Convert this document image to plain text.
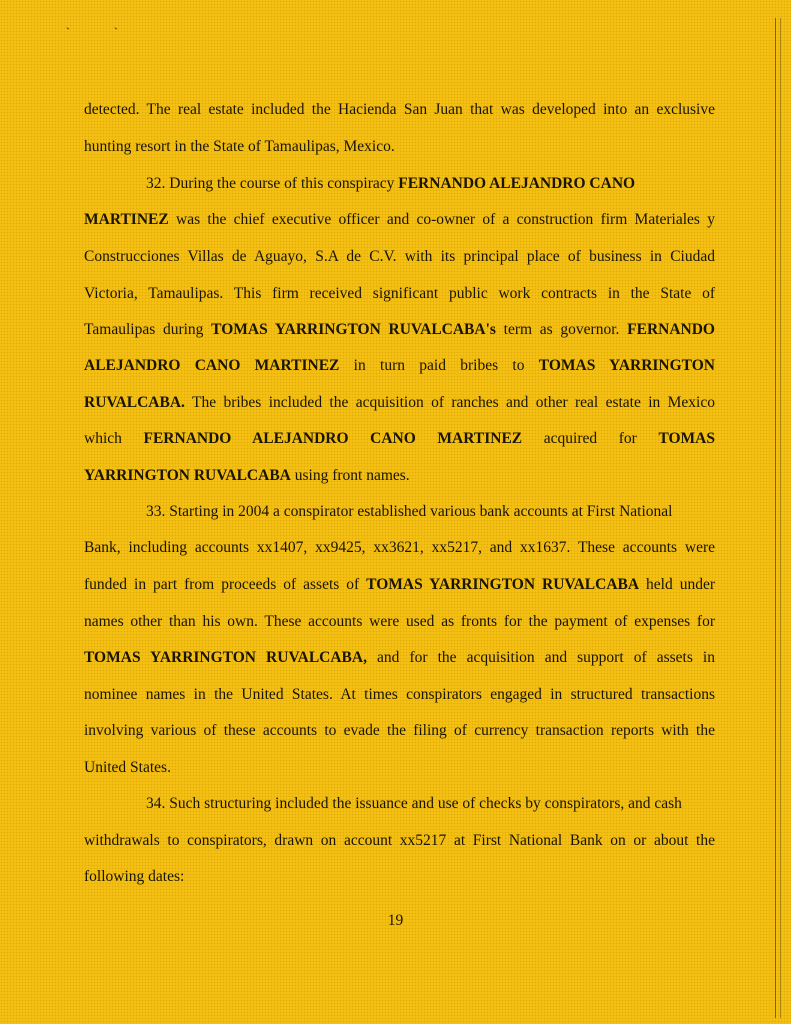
ˏ	ˏ
detected. The real estate included the Hacienda San Juan that was developed into an exclusive
hunting resort in the State of Tamaulipas, Mexico.
32. During the course of this conspiracy FERNANDO ALEJANDRO CANO
MARTINEZ was the chief executive officer and co-owner of a construction firm Materiales y
Construcciones Villas de Aguayo, S.A de C.V. with its principal place of business in Ciudad
Victoria, Tamaulipas. This firm received significant public work contracts in the State of
Tamaulipas during TOMAS YARRINGTON RUVALCABA's term as governor. FERNANDO
ALEJANDRO CANO MARTINEZ in turn paid bribes to TOMAS YARRINGTON
RUVALCABA. The bribes included the acquisition of ranches and other real estate in Mexico
which FERNANDO ALEJANDRO CANO MARTINEZ acquired for TOMAS
YARRINGTON RUVALCABA using front names.
33. Starting in 2004 a conspirator established various bank accounts at First National
Bank, including accounts xx1407, xx9425, xx3621, xx5217, and xx1637. These accounts were
funded in part from proceeds of assets of TOMAS YARRINGTON RUVALCABA held under
names other than his own. These accounts were used as fronts for the payment of expenses for
TOMAS YARRINGTON RUVALCABA, and for the acquisition and support of assets in
nominee names in the United States. At times conspirators engaged in structured transactions
involving various of these accounts to evade the filing of currency transaction reports with the
United States.
34. Such structuring included the issuance and use of checks by conspirators, and cash
withdrawals to conspirators, drawn on account xx5217 at First National Bank on or about the
following dates:
19
